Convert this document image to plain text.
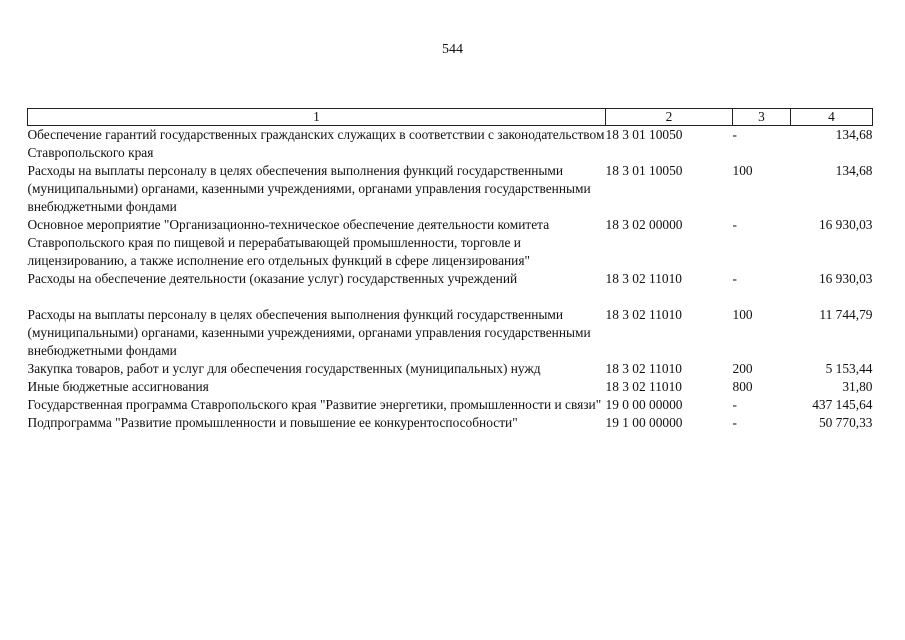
544
1	2	3	4
Обеспечение гарантий государственных гражданских служащих в соответствии с законодательством Ставропольского края	18 3 01 10050	-	134,68
Расходы на выплаты персоналу в целях обеспечения выполнения функций государственными (муниципальными) органами, казенными учреждениями, органами управления государственными внебюджетными фондами	18 3 01 10050	100	134,68
Основное мероприятие "Организационно-техническое обеспечение деятельности комитета Ставропольского края по пищевой и перерабатывающей промышленности, торговле и лицензированию, а также исполнение его отдельных функций в сфере лицензирования"	18 3 02 00000	-	16 930,03
Расходы на обеспечение деятельности (оказание услуг) государственных учреждений	18 3 02 11010	-	16 930,03
Расходы на выплаты персоналу в целях обеспечения выполнения функций государственными (муниципальными) органами, казенными учреждениями, органами управления государственными внебюджетными фондами	18 3 02 11010	100	11 744,79
Закупка товаров, работ и услуг для обеспечения государственных (муниципальных) нужд	18 3 02 11010	200	5 153,44
Иные бюджетные ассигнования	18 3 02 11010	800	31,80
Государственная программа Ставропольского края "Развитие энергетики, промышленности и связи"	19 0 00 00000	-	437 145,64
Подпрограмма "Развитие промышленности и повышение ее конкурентоспособности"	19 1 00 00000	-	50 770,33
